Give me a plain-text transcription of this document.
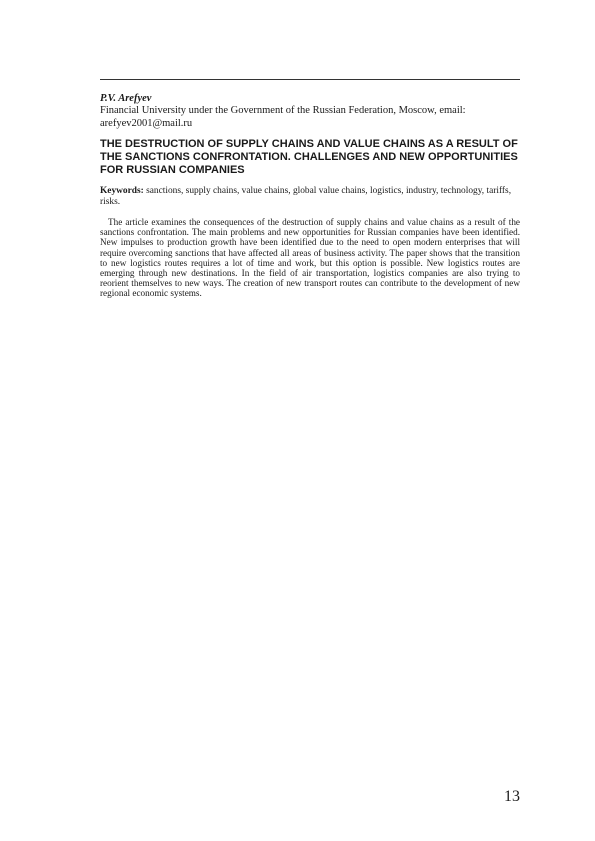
P.V. Arefyev
Financial University under the Government of the Russian Federation, Moscow, email: arefyev2001@mail.ru
THE DESTRUCTION OF SUPPLY CHAINS AND VALUE CHAINS AS A RESULT OF THE SANCTIONS CONFRONTATION. CHALLENGES AND NEW OPPORTUNITIES FOR RUSSIAN COMPANIES
Keywords: sanctions, supply chains, value chains, global value chains, logistics, industry, technology, tariffs, risks.
The article examines the consequences of the destruction of supply chains and value chains as a result of the sanctions confrontation. The main problems and new opportunities for Russian companies have been identified. New impulses to production growth have been identified due to the need to open modern enterprises that will require overcoming sanctions that have affected all areas of business activity. The paper shows that the transition to new logistics routes requires a lot of time and work, but this option is possible. New logistics routes are emerging through new destinations. In the field of air transportation, logistics companies are also trying to reorient themselves to new ways. The creation of new transport routes can contribute to the development of new regional economic systems.
13
